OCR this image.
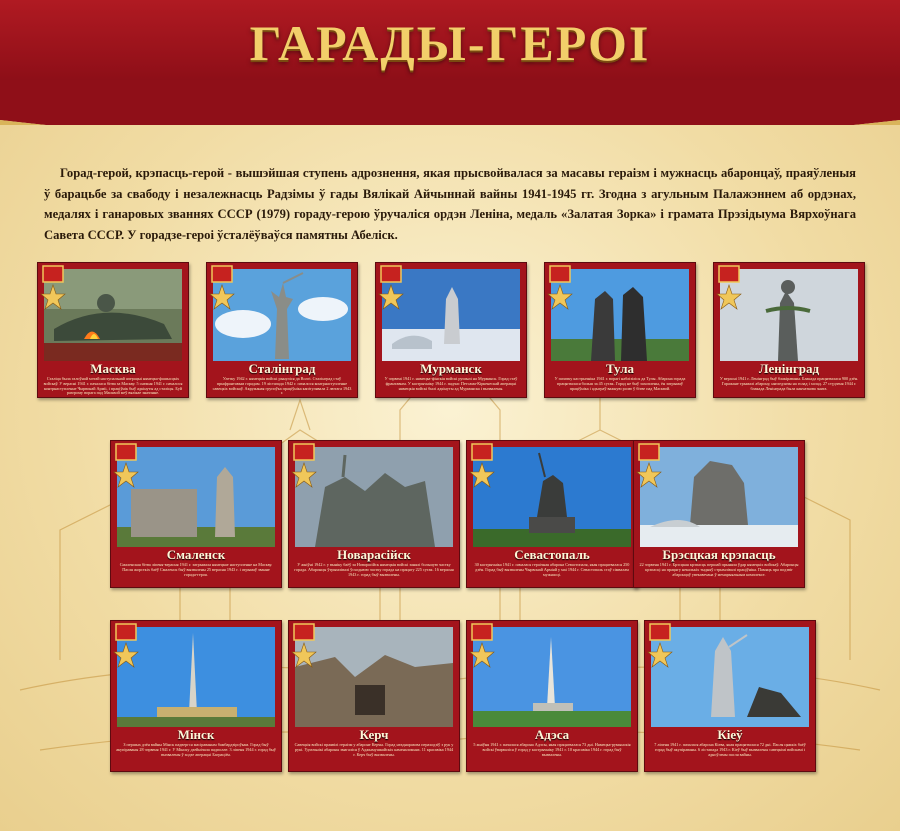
ГАРАДЫ-ГЕРОІ
Горад-герой, крэпасць-герой - вышэйшая ступень адрознення, якая прысвойвалася за масавы гераізм і мужнасць абаронцаў, праяўленыя ў барацьбе за свабоду і незалежнасць Радзімы ў гады Вялікай Айчыннай вайны 1941-1945 гг. Згодна з агульным Палажэннем аб ордэнах, медалях і ганаровых званнях СССР (1979) гораду-герою ўручаліся ордэн Леніна, медаль «Залатая Зорка» і грамата Прэзідыума Вярхоўнага Савета СССР. У горадзе-героі ўсталёўваўся памятны Абеліск.
Масква
Сталіца была галоўнай мэтай наступальнай аперацыі нямецка-фашысцкіх войскаў. У верасні 1941 г. пачалася бітва за Маскву. 5 снежня 1941 г. пачалося контрнаступленне Чырвонай Арміі, і праціўнік быў адкінуты ад сталіцы. Буй разгрому ворага пад Масквой меў вялікае значэнне.
Сталінград
Улетку 1942 г. нямецкія войскі рынуліся да Волгі. Сталінград стаў прыфрантавым горадам. 19 лістапада 1942 г. пачалося контрнаступленне савецкіх войскаў. Акружаная групоўка праціўніка капітулявала 2 лютага 1943 г.
Мурманск
У чэрвені 1941 г. нямецка-фінскія войскі рушылі на Мурманск. Горад стаў франтавым. У кастрычніку 1944 г. падчас Петсама-Кіркенескай аперацыі нямецкія войскі былі адкінуты ад Мурманска і вызвалены.
Тула
У пачатку кастрычніка 1941 г. ворагі наблізіліся да Тулы. Абарона горада працягвалася больш за 45 сутак. Горад не быў захоплены, ён затрымаў праціўніка і адыграў важную ролю ў бітве пад Масквой.
Ленінград
У верасні 1941 г. Ленінград быў блакіраваны. Блакада працягвалася 900 дзён. Гаражане трымалі абарону, нягледзячы на голад і холад. 27 студзеня 1944 г. блакада Ленінграда была канчаткова знята.
Смаленск
Смаленская бітва ліпеня-верасня 1941 г. затрымала нямецкае наступленне на Маскву. Пасля жорсткіх баёў Смаленск быў вызвалены 25 верасня 1943 г. і атрымаў званне горада-героя.
Новарасійск
У жніўні 1942 г. у выніку баёў за Новарасійск нямецкія войскі занялі большую частку горада. Абаронцы ўтрымлівалі ўсходнюю частку горада на працягу 225 сутак. 16 верасня 1943 г. горад быў вызвалены.
Севастопаль
30 кастрычніка 1941 г. пачалася гераічная абарона Севастопаля, якая працягвалася 250 дзён. Горад быў вызвалены Чырвонай Арміяй у маі 1944 г. Севастопаль стаў сімвалам мужнасці.
Брэсцкая крэпасць
22 чэрвеня 1941 г. Брэсцкая крэпасць першай прыняла ўдар нямецкіх войскаў. Абаронцы крэпасці на працягу некалькіх тыдняў стрымлівалі праціўніка. Памяць пра подзвіг абаронцаў увекавечана ў мемарыяльным комплексе.
Мінск
З першых дзён вайны Мінск падвергся масіраваным бамбардзіроўкам. Горад быў акупіраваны 28 чэрвеня 1941 г. У Мінску дзейнічала падполле. 3 ліпеня 1944 г. горад быў вызвалены ў ходзе аперацыі Баграціён.
Керч
Савецкія войскі праявілі гераізм у абароне Керчы. Горад неаднаразова пераходзіў з рук у рукі. Удзельнікі абароны змагаліся ў Аджымушкайскіх каменаломнях. 11 красавіка 1944 г. Керч быў вызвалены.
Адэса
5 жніўня 1941 г. пачалася абарона Адэсы, якая працягвалася 73 дні. Нямецка-румынскія войскі ўварваліся ў горад у кастрычніку 1941 г. 10 красавіка 1944 г. горад быў вызвалены.
Кіеў
7 ліпеня 1941 г. пачалася абарона Кіева, якая працягвалася 72 дні. Пасля цяжкіх баёў горад быў акупіраваны. 6 лістапада 1943 г. Кіеў быў вызвалены савецкімі войскамі і адноўлены пасля вайны.
